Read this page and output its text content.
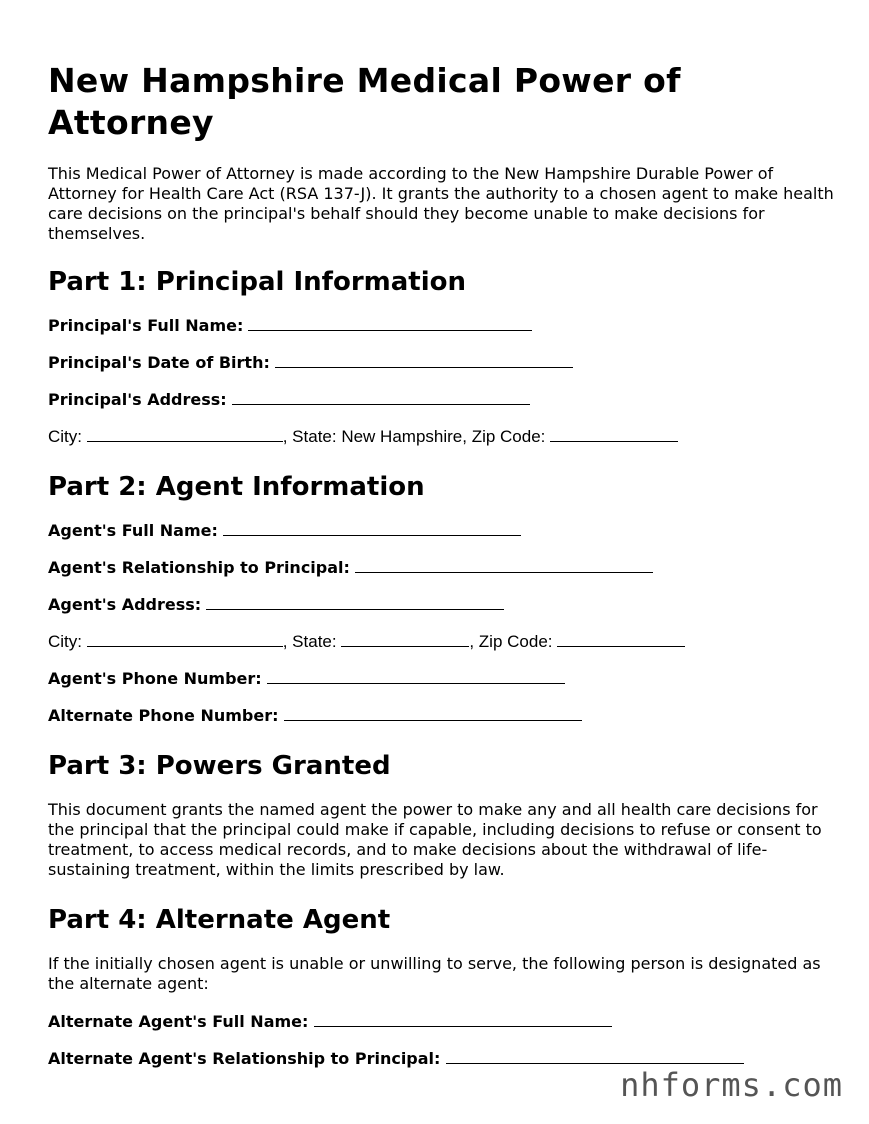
New Hampshire Medical Power of Attorney

This Medical Power of Attorney is made according to the New Hampshire Durable Power of Attorney for Health Care Act (RSA 137-J). It grants the authority to a chosen agent to make health care decisions on the principal's behalf should they become unable to make decisions for themselves.

Part 1: Principal Information
Principal's Full Name:
Principal's Date of Birth:
Principal's Address:
City:	, State: New Hampshire, Zip Code:
Part 2: Agent Information
Agent's Full Name:
Agent's Relationship to Principal:
Agent's Address:
City:	, State:	, Zip Code:
Agent's Phone Number:
Alternate Phone Number:
Part 3: Powers Granted

This document grants the named agent the power to make any and all health care decisions for the principal that the principal could make if capable, including decisions to refuse or consent to treatment, to access medical records, and to make decisions about the withdrawal of life-sustaining treatment, within the limits prescribed by law.

Part 4: Alternate Agent

If the initially chosen agent is unable or unwilling to serve, the following person is designated as the alternate agent:

Alternate Agent's Full Name:
Alternate Agent's Relationship to Principal:
nhforms.com
